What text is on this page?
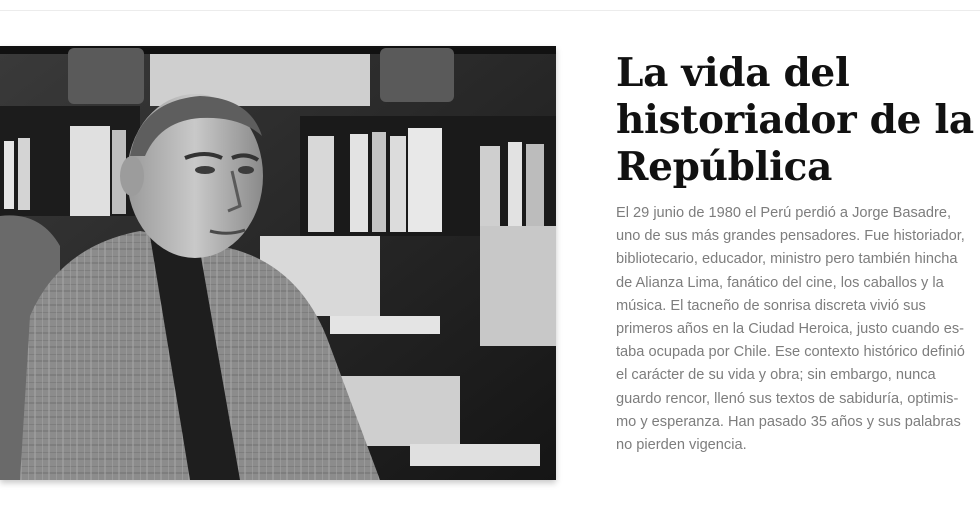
La vida del
historiador de la
República

El 29 junio de 1980 el Perú perdió a Jorge Basadre,
uno de sus más grandes pensadores. Fue historiador,
bibliotecario, educador, ministro pero también hincha
de Alianza Lima, fanático del cine, los caballos y la
música. El tacneño de sonrisa discreta vivió sus
primeros años en la Ciudad Heroica, justo cuando es-
taba ocupada por Chile. Ese contexto histórico definió
el carácter de su vida y obra; sin embargo, nunca
guardo rencor, llenó sus textos de sabiduría, optimis-
mo y esperanza. Han pasado 35 años y sus palabras
no pierden vigencia.
